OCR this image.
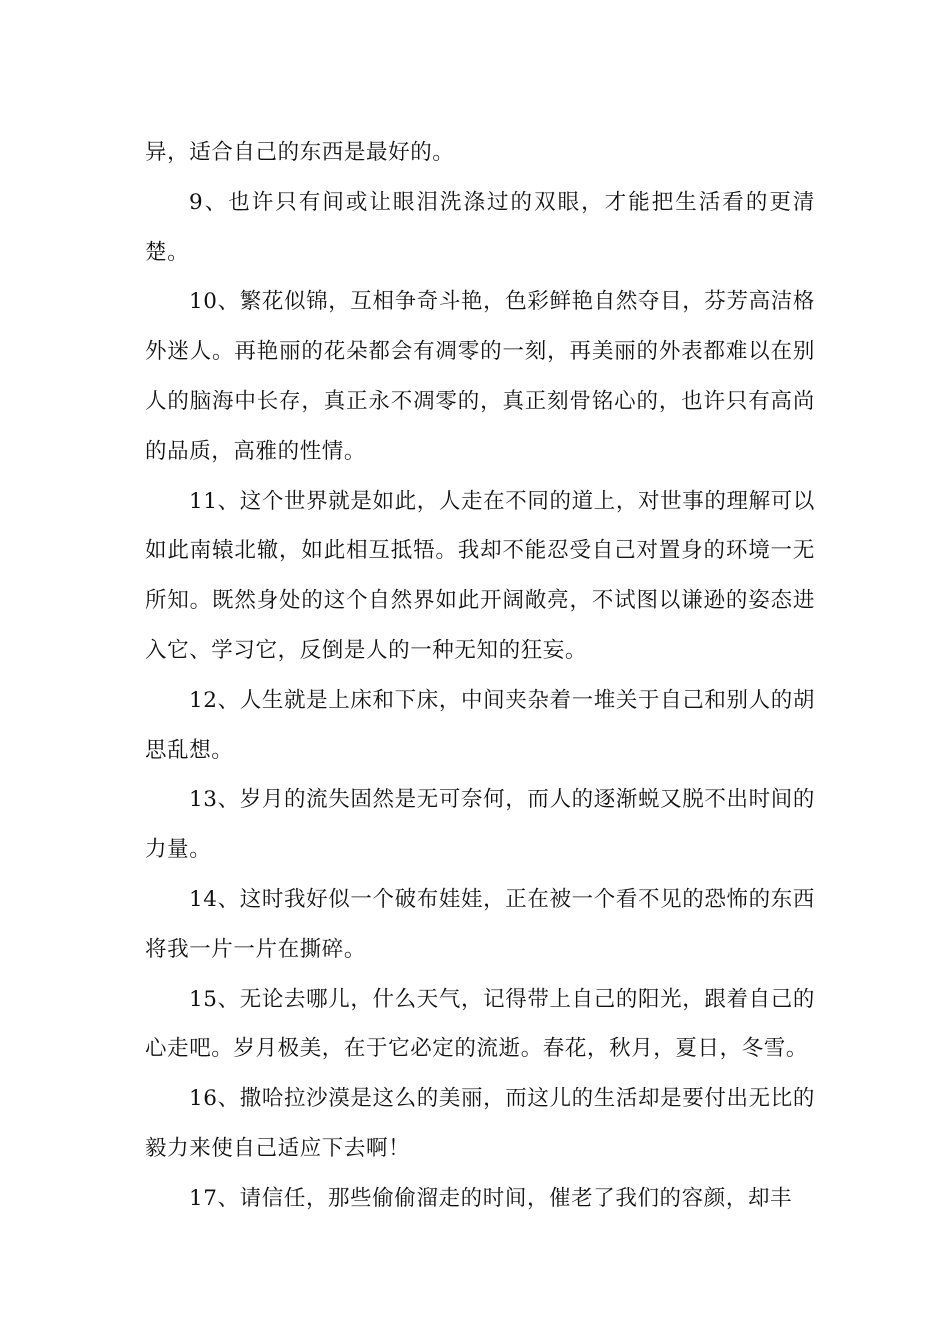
异，适合自己的东西是最好的。

9、也许只有间或让眼泪洗涤过的双眼，才能把生活看的更清楚。

10、繁花似锦，互相争奇斗艳，色彩鲜艳自然夺目，芬芳高洁格外迷人。再艳丽的花朵都会有凋零的一刻，再美丽的外表都难以在别人的脑海中长存，真正永不凋零的，真正刻骨铭心的，也许只有高尚的品质，高雅的性情。

11、这个世界就是如此，人走在不同的道上，对世事的理解可以如此南辕北辙，如此相互抵牾。我却不能忍受自己对置身的环境一无所知。既然身处的这个自然界如此开阔敞亮，不试图以谦逊的姿态进入它、学习它，反倒是人的一种无知的狂妄。

12、人生就是上床和下床，中间夹杂着一堆关于自己和别人的胡思乱想。

13、岁月的流失固然是无可奈何，而人的逐渐蜕又脱不出时间的力量。

14、这时我好似一个破布娃娃，正在被一个看不见的恐怖的东西将我一片一片在撕碎。

15、无论去哪儿，什么天气，记得带上自己的阳光，跟着自己的心走吧。岁月极美，在于它必定的流逝。春花，秋月，夏日，冬雪。

16、撒哈拉沙漠是这么的美丽，而这儿的生活却是要付出无比的毅力来使自己适应下去啊！

17、请信任，那些偷偷溜走的时间，催老了我们的容颜，却丰
